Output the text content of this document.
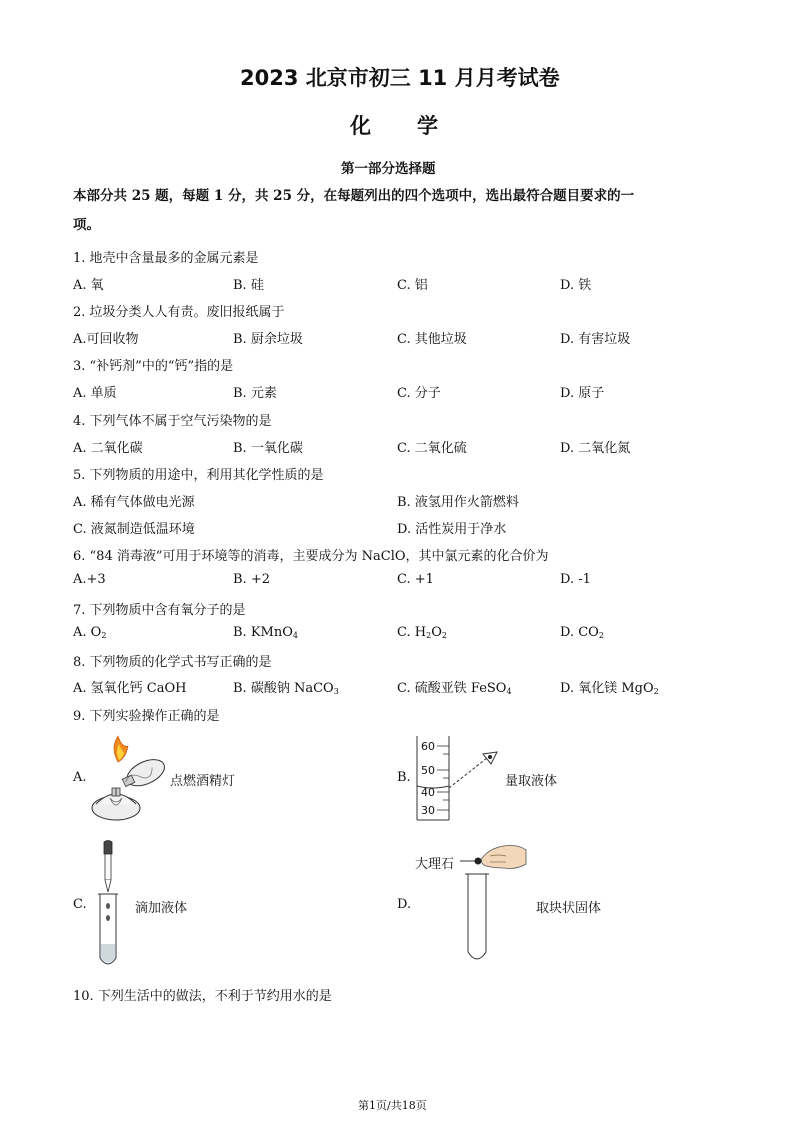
2023 北京市初三 11 月月考试卷
化学
第一部分选择题
本部分共 25 题，每题 1 分，共 25 分，在每题列出的四个选项中，选出最符合题目要求的一
项。
1. 地壳中含量最多的金属元素是
A. 氧	B. 硅	C. 铝	D. 铁
2. 垃圾分类人人有责。废旧报纸属于
A.可回收物	B. 厨余垃圾	C. 其他垃圾	D. 有害垃圾
3. “补钙剂”中的“钙”指的是
A. 单质	B. 元素	C. 分子	D. 原子
4. 下列气体不属于空气污染物的是
A. 二氧化碳	B. 一氧化碳	C. 二氧化硫	D. 二氧化氮
5. 下列物质的用途中，利用其化学性质的是
A. 稀有气体做电光源	B. 液氢用作火箭燃料
C. 液氮制造低温环境	D. 活性炭用于净水
6. “84 消毒液”可用于环境等的消毒，主要成分为 NaClO，其中氯元素的化合价为
A.+3	B. +2	C. +1	D. -1
7. 下列物质中含有氧分子的是
A. $O_2$	B. KMnO$_4$	C. $H_2O_2$	D. $CO_2$
8. 下列物质的化学式书写正确的是
A. 氢氧化钙 CaOH	B. 碳酸钠 NaCO$_3$	C. 硫酸亚铁 FeSO$_4$	D. 氧化镁 MgO$_2$
9. 下列实验操作正确的是
A.	点燃酒精灯	B.
60
50
40
30
量取液体
C.	滴加液体	D.
大理石
取块状固体
10. 下列生活中的做法，不利于节约用水的是
第1页/共18页
